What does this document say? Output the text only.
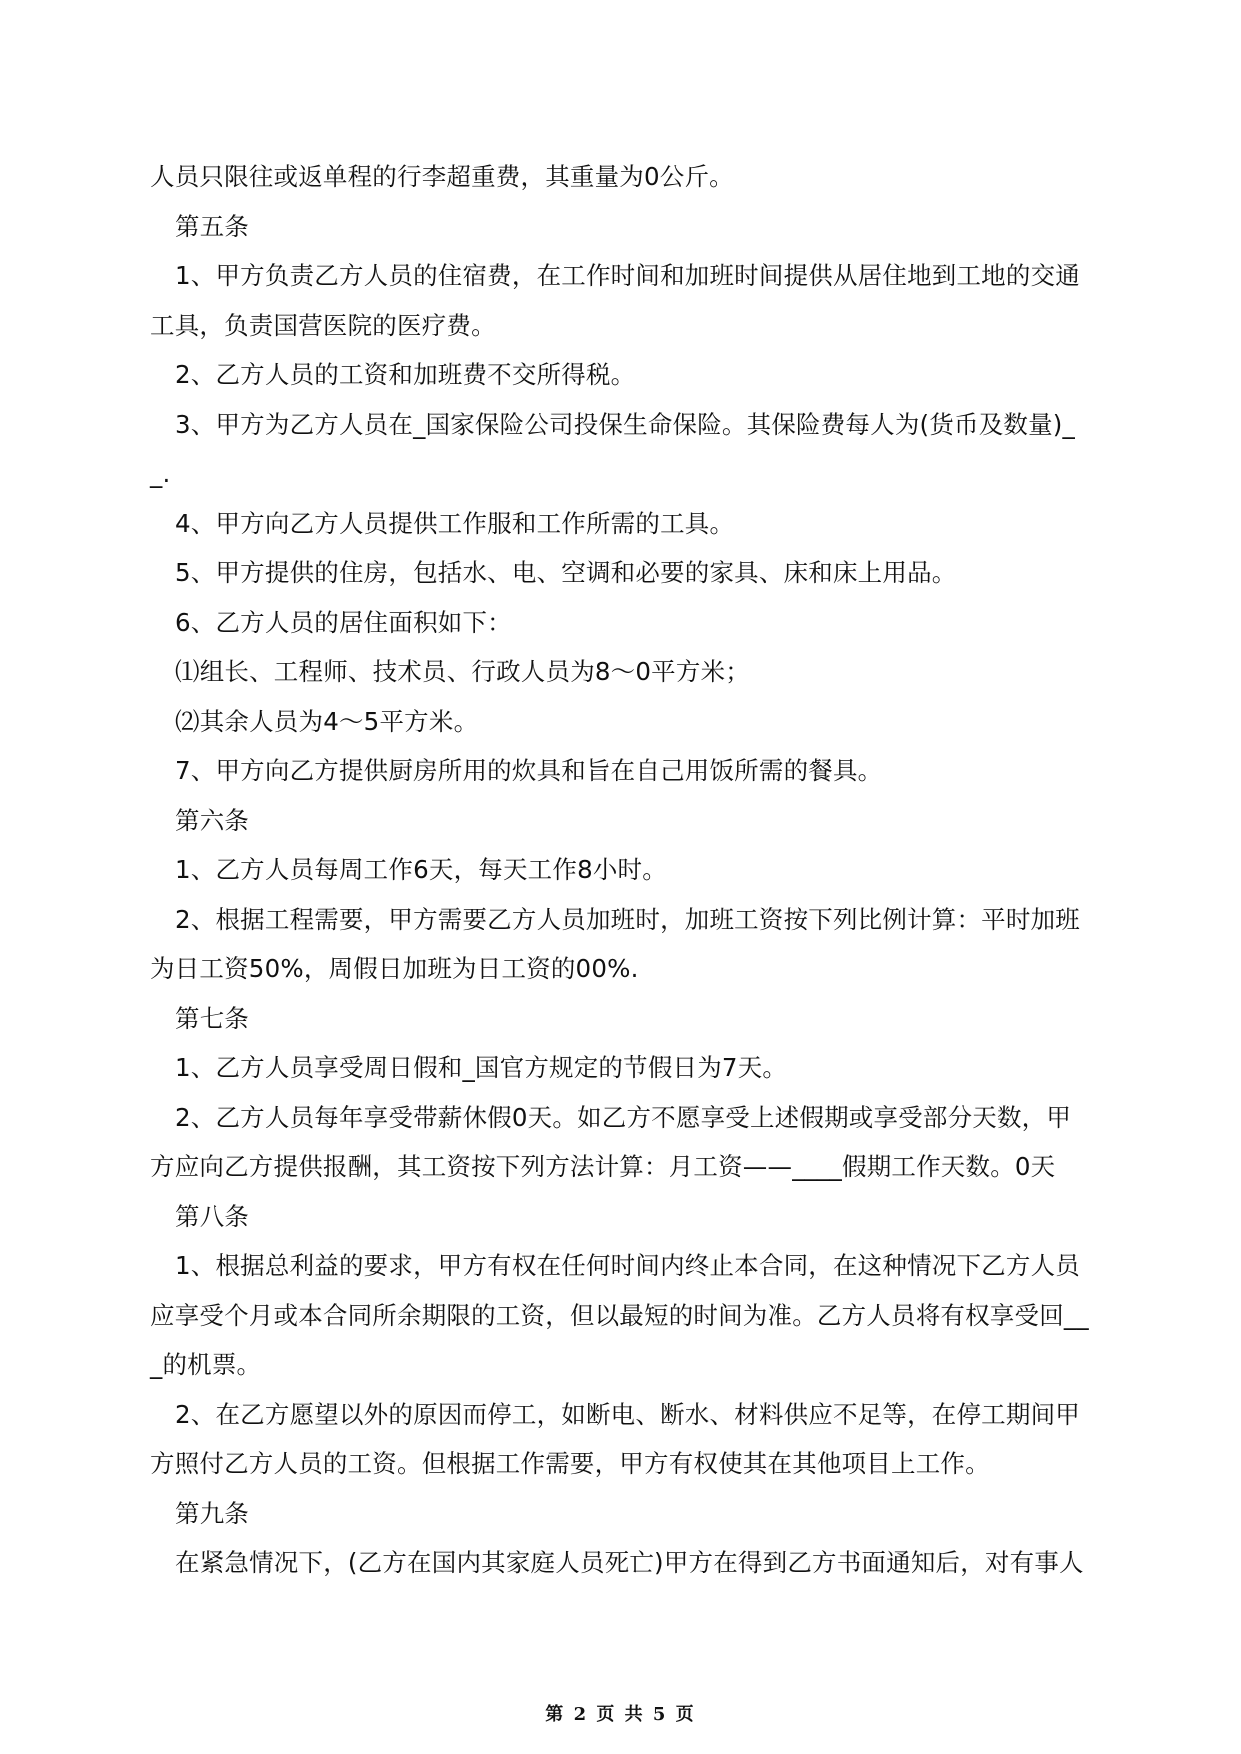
人员只限往或返单程的行李超重费，其重量为0公斤。

第五条

1、甲方负责乙方人员的住宿费，在工作时间和加班时间提供从居住地到工地的交通工具，负责国营医院的医疗费。

2、乙方人员的工资和加班费不交所得税。

3、甲方为乙方人员在_国家保险公司投保生命保险。其保险费每人为(货币及数量)__.

4、甲方向乙方人员提供工作服和工作所需的工具。

5、甲方提供的住房，包括水、电、空调和必要的家具、床和床上用品。

6、乙方人员的居住面积如下：

⑴组长、工程师、技术员、行政人员为8～0平方米；

⑵其余人员为4～5平方米。

7、甲方向乙方提供厨房所用的炊具和旨在自己用饭所需的餐具。

第六条

1、乙方人员每周工作6天，每天工作8小时。

2、根据工程需要，甲方需要乙方人员加班时，加班工资按下列比例计算：平时加班为日工资50%，周假日加班为日工资的00%.

第七条

1、乙方人员享受周日假和_国官方规定的节假日为7天。

2、乙方人员每年享受带薪休假0天。如乙方不愿享受上述假期或享受部分天数，甲方应向乙方提供报酬，其工资按下列方法计算：月工资——____假期工作天数。0天

第八条

1、根据总利益的要求，甲方有权在任何时间内终止本合同，在这种情况下乙方人员应享受个月或本合同所余期限的工资，但以最短的时间为准。乙方人员将有权享受回___的机票。

2、在乙方愿望以外的原因而停工，如断电、断水、材料供应不足等，在停工期间甲方照付乙方人员的工资。但根据工作需要，甲方有权使其在其他项目上工作。

第九条

在紧急情况下，(乙方在国内其家庭人员死亡)甲方在得到乙方书面通知后，对有事人

第 2 页 共 5 页
